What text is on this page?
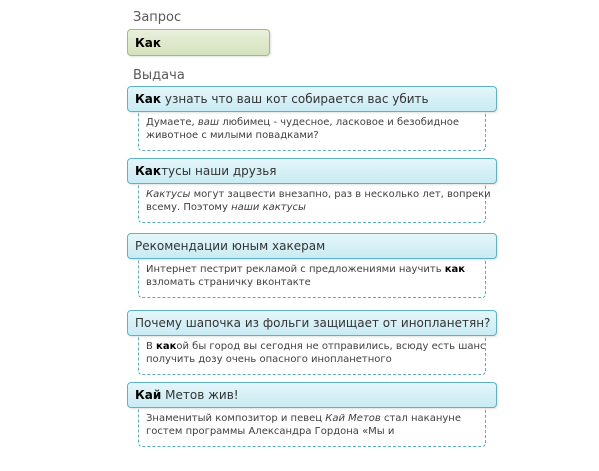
Запрос
Как
Выдача
Как узнать что ваш кот собирается вас убить
Думаете, ваш любимец - чудесное, ласковое и безобидное
животное с милыми повадками?
Кактусы наши друзья
Кактусы могут зацвести внезапно, раз в несколько лет, вопреки
всему. Поэтому наши кактусы
Рекомендации юным хакерам
Интернет пестрит рекламой с предложениями научить как
взломать страничку вконтакте
Почему шапочка из фольги защищает от инопланетян?
В какой бы город вы сегодня не отправились, всюду есть шанс
получить дозу очень опасного инопланетного
Кай Метов жив!
Знаменитый композитор и певец Кай Метов стал накануне
гостем программы Александра Гордона «Мы и
